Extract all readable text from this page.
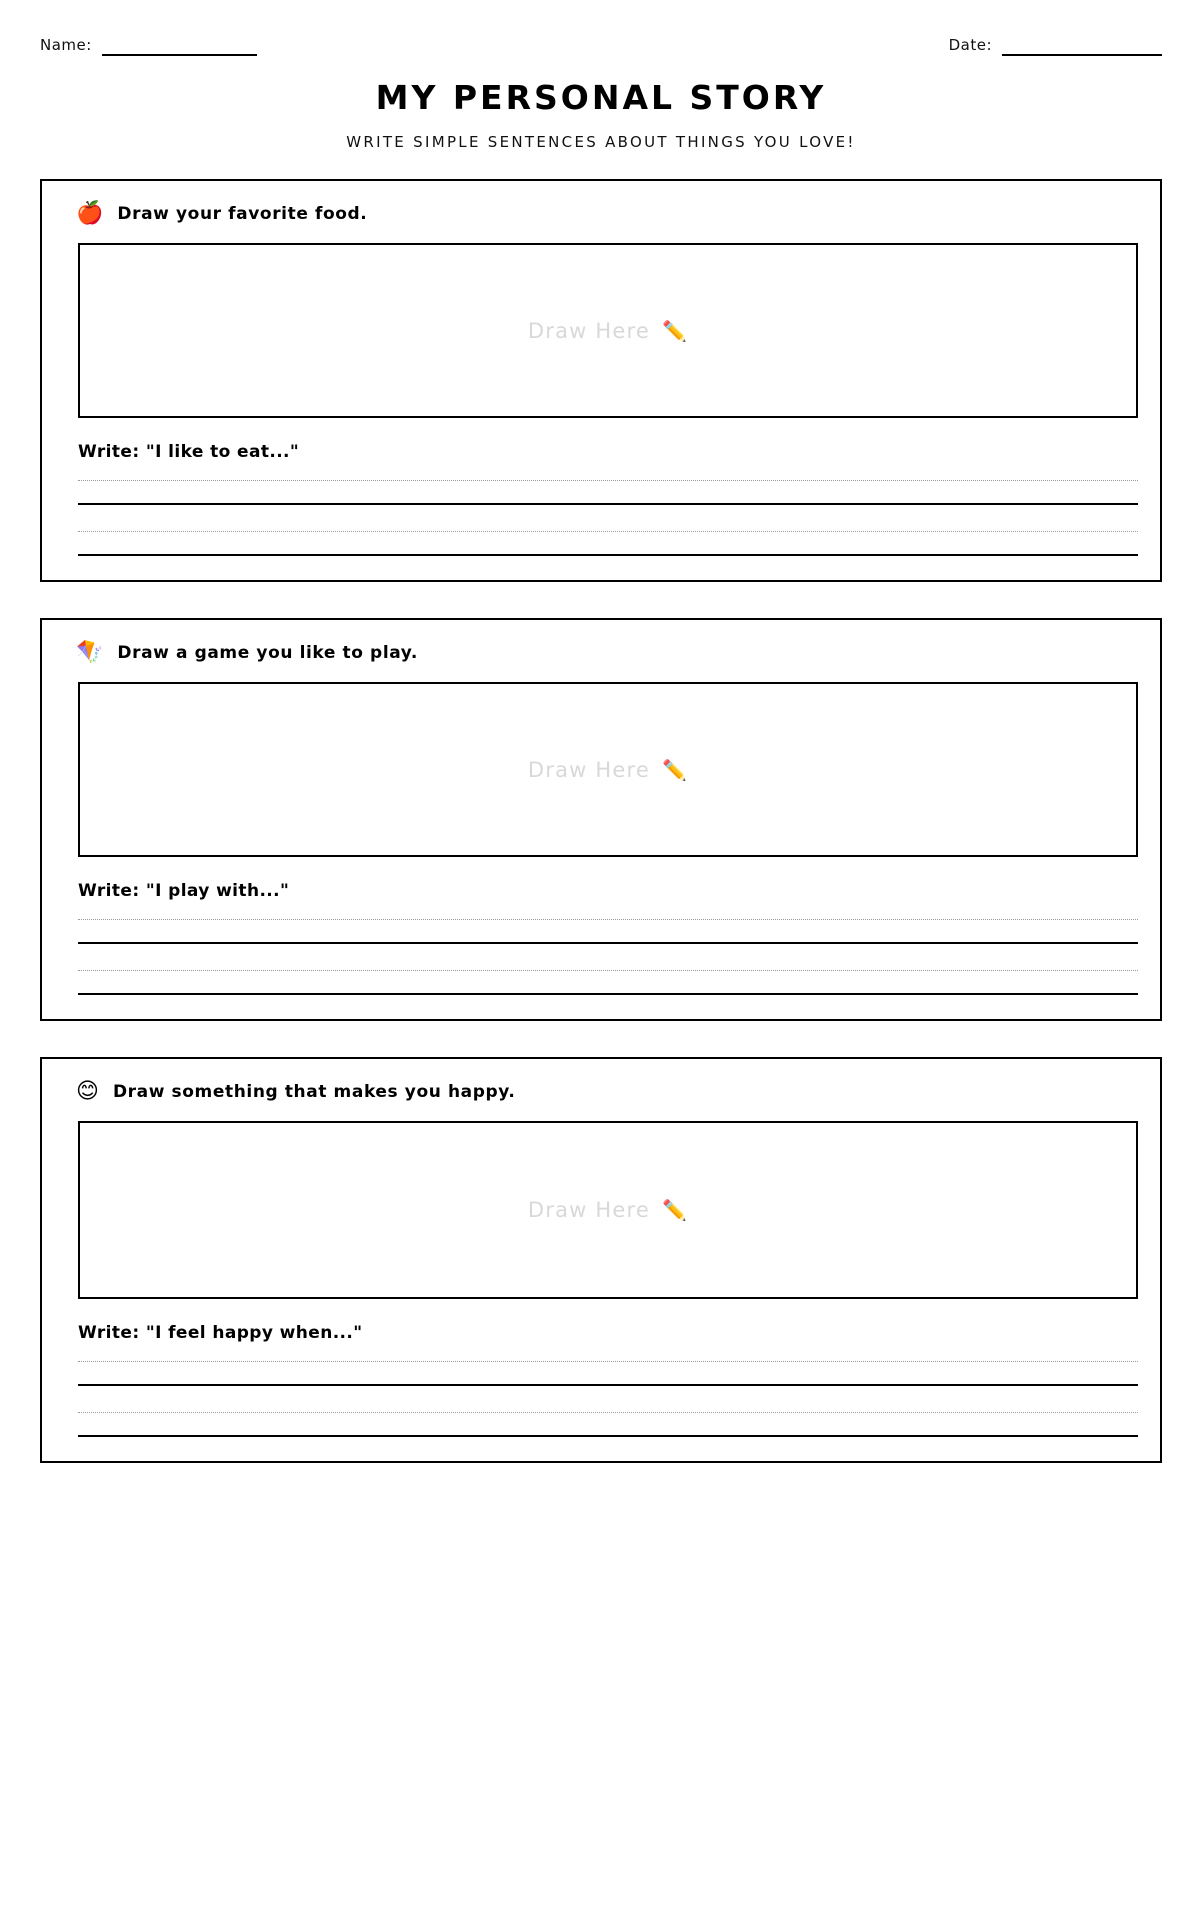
Name:	Date:
MY PERSONAL STORY

WRITE SIMPLE SENTENCES ABOUT THINGS YOU LOVE!

🍎 Draw your favorite food.
Draw Here ✏️
Write: "I like to eat..."
🪁 Draw a game you like to play.
Draw Here ✏️
Write: "I play with..."
😊 Draw something that makes you happy.
Draw Here ✏️
Write: "I feel happy when..."
